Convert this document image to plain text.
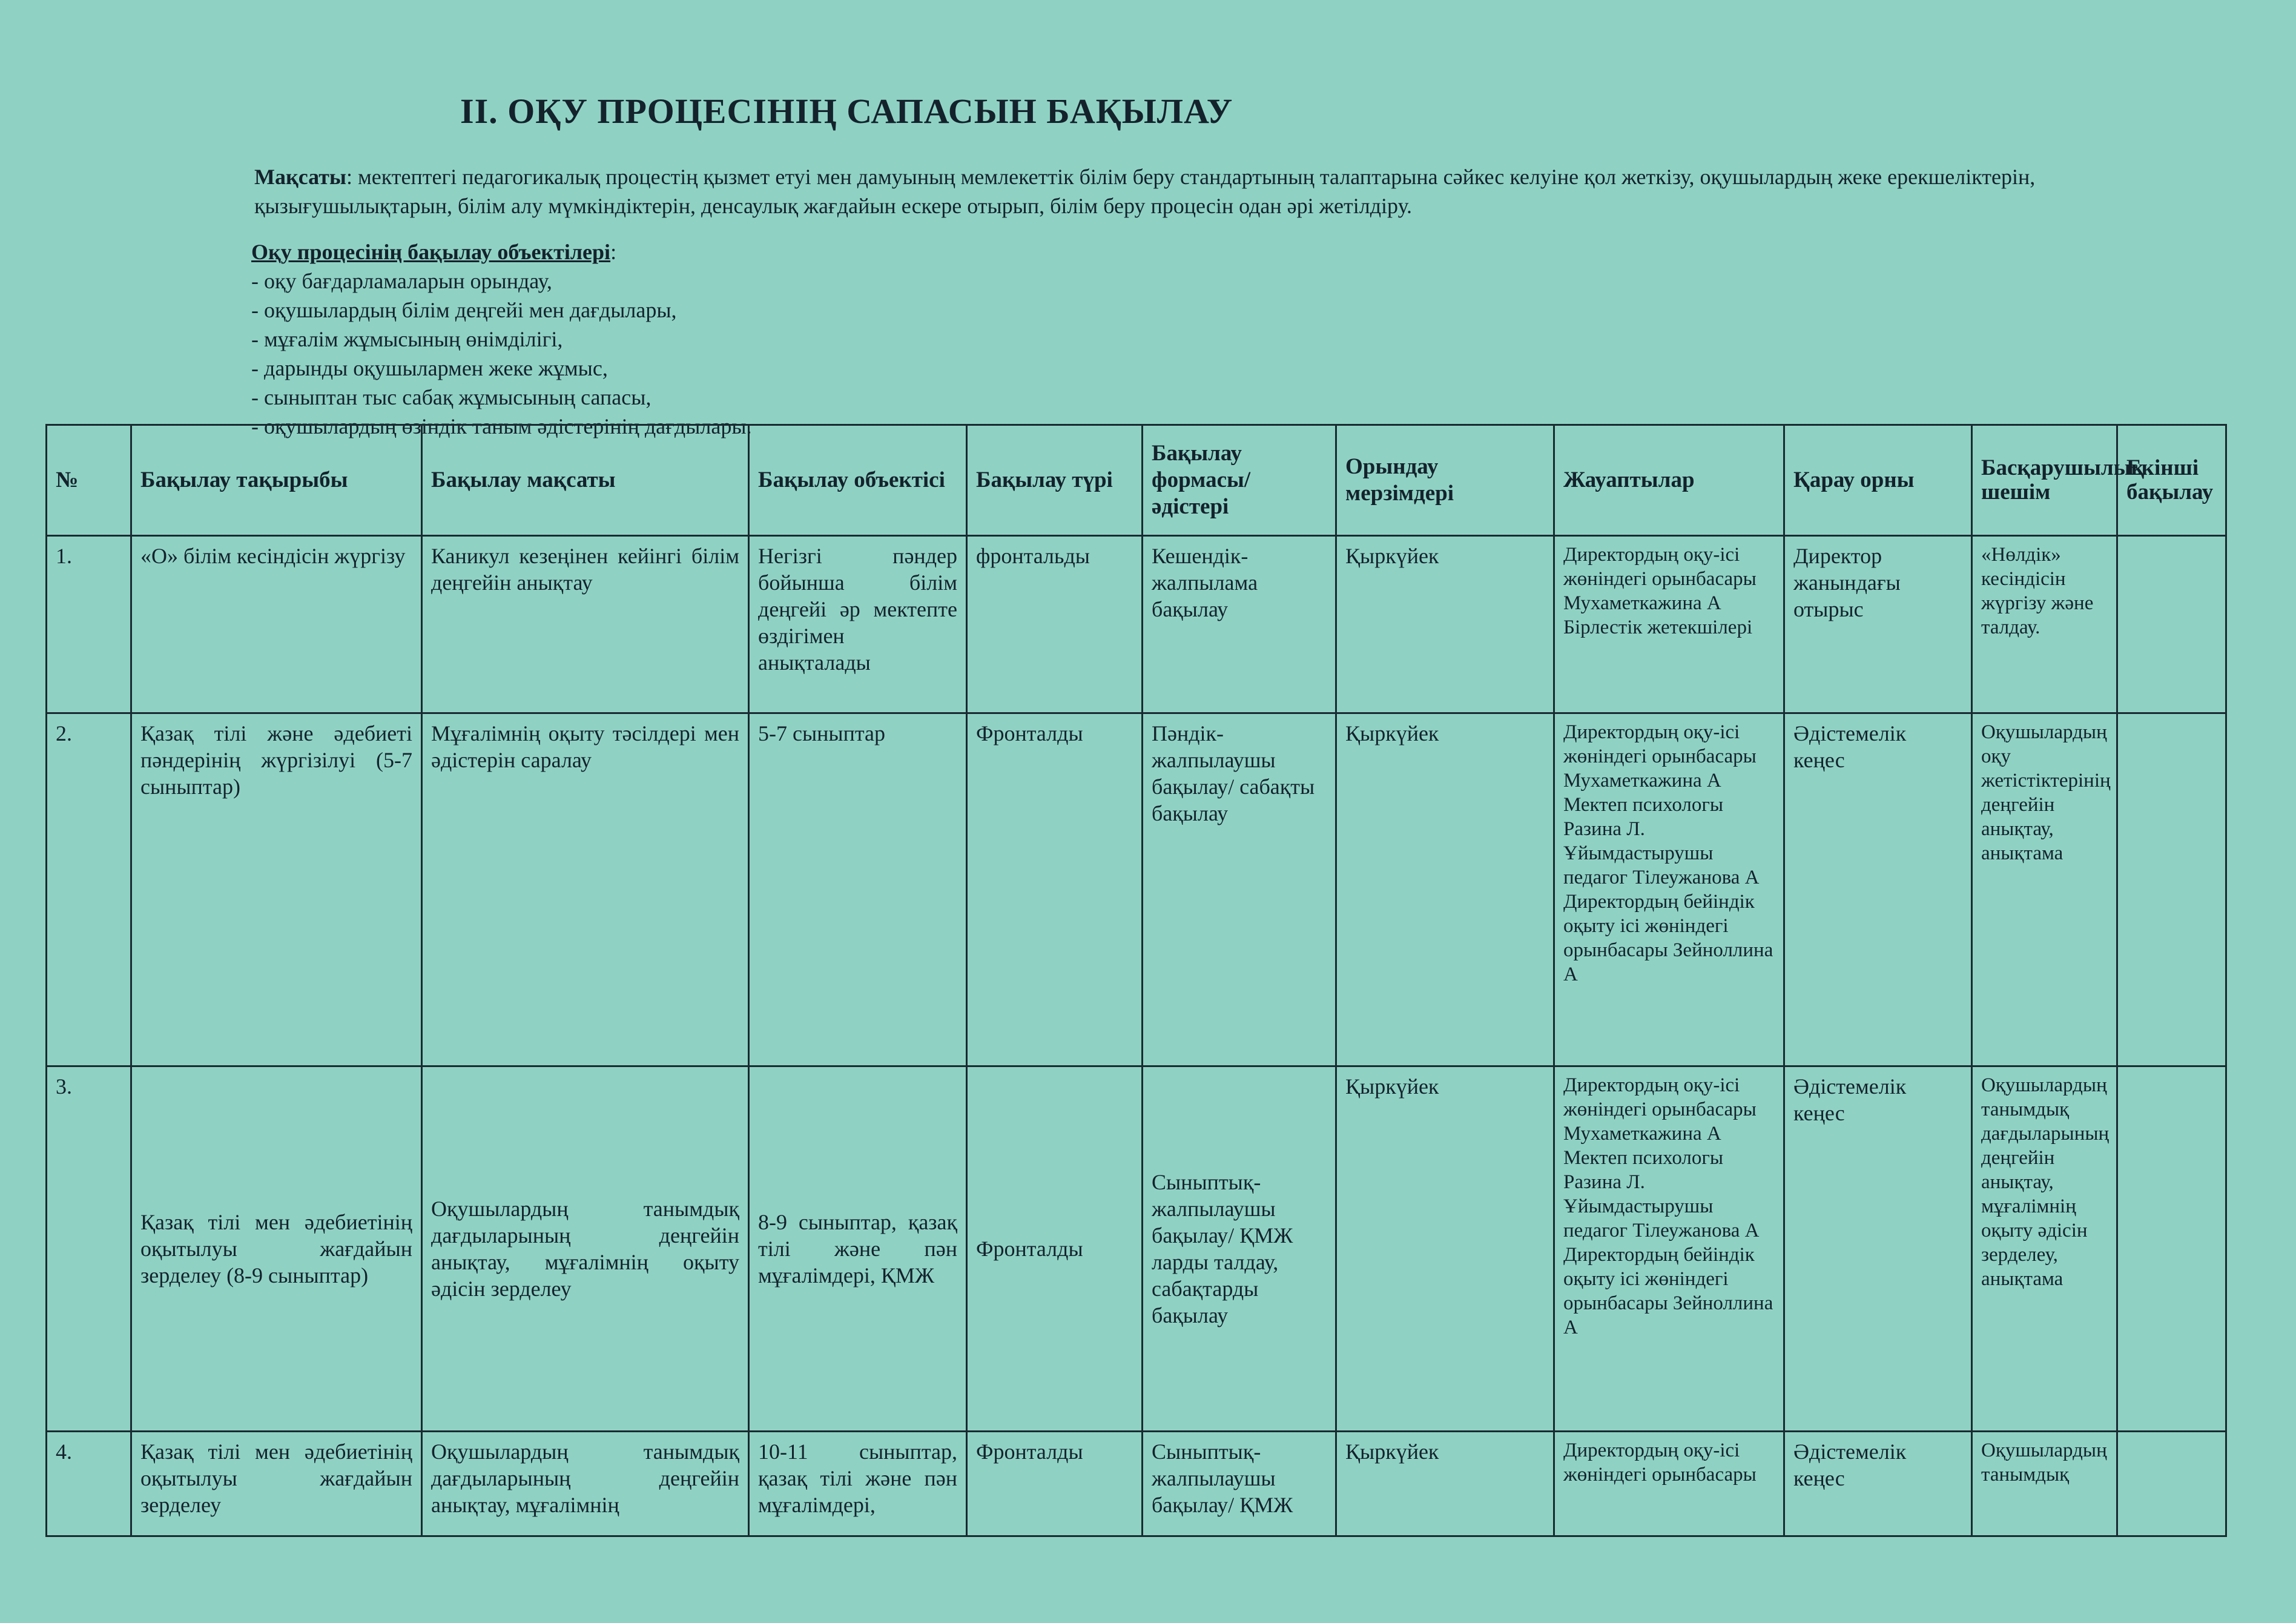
ІІ. ОҚУ ПРОЦЕСІНІҢ САПАСЫН БАҚЫЛАУ

Мақсаты: мектептегі педагогикалық процестің қызмет етуі мен дамуының мемлекеттік білім беру стандартының талаптарына сәйкес келуіне қол жеткізу, оқушылардың жеке ерекшеліктерін, қызығушылықтарын, білім алу мүмкіндіктерін, денсаулық жағдайын ескере отырып, білім беру процесін одан әрі жетілдіру.

Оқу процесінің бақылау объектілері:
- оқу бағдарламаларын орындау,
- оқушылардың білім деңгейі мен дағдылары,
- мұғалім жұмысының өнімділігі,
- дарынды оқушылармен жеке жұмыс,
- сыныптан тыс сабақ жұмысының сапасы,
- оқушылардың өзіндік таным әдістерінің дағдылары.
№	Бақылау тақырыбы	Бақылау мақсаты	Бақылау объектісі	Бақылау түрі	Бақылау формасы/ әдістері	Орындау мерзімдері	Жауаптылар	Қарау орны	Басқарушылық шешім	Екінші бақылау
1.	«О» білім кесіндісін жүргізу	Каникул кезеңінен кейінгі білім деңгейін анықтау	Негізгі пәндер бойынша білім деңгейі әр мектепте өздігімен анықталады	фронтальды	Кешендік-жалпылама бақылау	Қыркүйек	Директордың оқу-ісі жөніндегі орынбасары Мухаметкажина А Бірлестік жетекшілері	Директор жанындағы отырыс	«Нөлдік» кесіндісін жүргізу және талдау.	
2.	Қазақ тілі және әдебиеті пәндерінің жүргізілуі (5-7 сыныптар)	Мұғалімнің оқыту тәсілдері мен әдістерін саралау	5-7 сыныптар	Фронталды	Пәндік-жалпылаушы бақылау/ сабақты бақылау	Қыркүйек	Директордың оқу-ісі жөніндегі орынбасары Мухаметкажина А Мектеп психологы Разина Л. Ұйымдастырушы педагог Тілеужанова А Директордың бейіндік оқыту ісі жөніндегі орынбасары Зейноллина А	Әдістемелік кеңес	Оқушылардың оқу жетістіктерінің деңгейін анықтау, анықтама	
3.	Қазақ тілі мен әдебиетінің оқытылуы жағдайын зерделеу (8-9 сыныптар)	Оқушылардың танымдық дағдыларының деңгейін анықтау, мұғалімнің оқыту әдісін зерделеу	8-9 сыныптар, қазақ тілі және пән мұғалімдері, ҚМЖ	Фронталды	Сыныптық-жалпылаушы бақылау/ ҚМЖ ларды талдау, сабақтарды бақылау	Қыркүйек	Директордың оқу-ісі жөніндегі орынбасары Мухаметкажина А Мектеп психологы Разина Л. Ұйымдастырушы педагог Тілеужанова А Директордың бейіндік оқыту ісі жөніндегі орынбасары Зейноллина А	Әдістемелік кеңес	Оқушылардың танымдық дағдыларының деңгейін анықтау, мұғалімнің оқыту әдісін зерделеу, анықтама	
4.	Қазақ тілі мен әдебиетінің оқытылуы жағдайын зерделеу	Оқушылардың танымдық дағдыларының деңгейін анықтау, мұғалімнің	10-11 сыныптар, қазақ тілі және пән мұғалімдері,	Фронталды	Сыныптық-жалпылаушы бақылау/ ҚМЖ	Қыркүйек	Директордың оқу-ісі жөніндегі орынбасары	Әдістемелік кеңес	Оқушылардың танымдық	
